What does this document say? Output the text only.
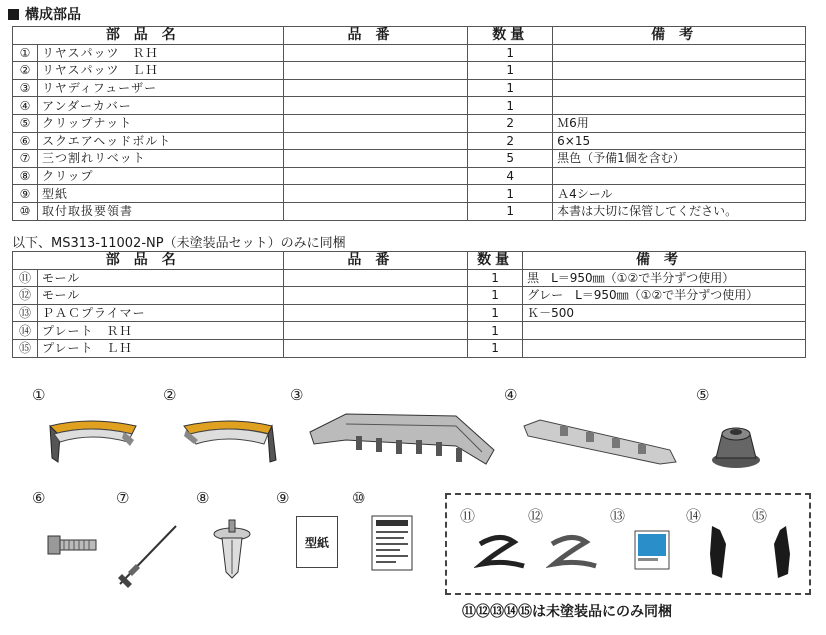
構成部品
部品名		品番	数量	備考
①	リヤスパッツ　ＲＨ		1	
②	リヤスパッツ　ＬＨ		1	
③	リヤディフューザー		1	
④	アンダーカバー		1	
⑤	クリップナット		2	Ｍ6用
⑥	スクエアヘッドボルト		2	6×15
⑦	三つ割れリベット		5	黒色（予備1個を含む）
⑧	クリップ		4	
⑨	型紙		1	Ａ4シール
⑩	取付取扱要領書		1	本書は大切に保管してください。
以下、MS313-11002-NP（未塗装品セット）のみに同梱
部品名		品番	数量	備考
⑪	モール		1	黒　L＝950㎜（①②で半分ずつ使用）
⑫	モール		1	グレー　L＝950㎜（①②で半分ずつ使用）
⑬	ＰＡＣプライマー		1	Ｋ－500
⑭	プレート　ＲＨ		1	
⑮	プレート　ＬＨ		1	
①	②	③	④	⑤
⑥	⑦	⑧	⑨	⑩
⑪	⑫	⑬	⑭	⑮
型紙
⑪⑫⑬⑭⑮は未塗装品にのみ同梱
